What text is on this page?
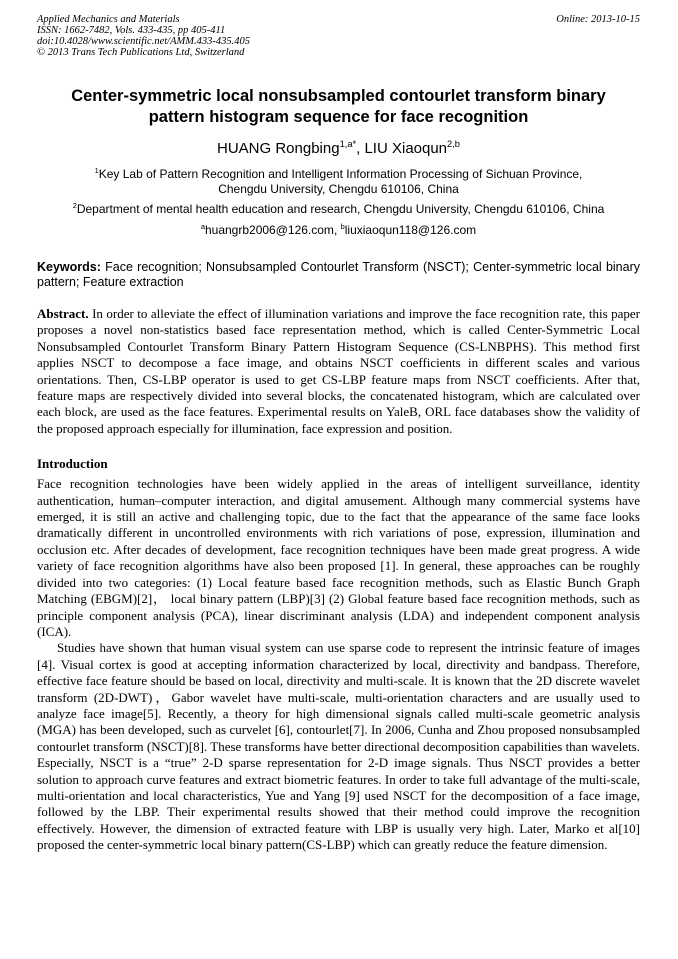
Applied Mechanics and Materials
ISSN: 1662-7482, Vols. 433-435, pp 405-411
doi:10.4028/www.scientific.net/AMM.433-435.405
© 2013 Trans Tech Publications Ltd, Switzerland
Online: 2013-10-15
Center-symmetric local nonsubsampled contourlet transform binary pattern histogram sequence for face recognition
HUANG Rongbing$^{1,a*}$, LIU Xiaoqun$^{2,b}$
$^1$Key Lab of Pattern Recognition and Intelligent Information Processing of Sichuan Province,
Chengdu University, Chengdu 610106, China
$^2$Department of mental health education and research, Chengdu University, Chengdu 610106, China
$^a$huangrb2006@126.com, $^b$liuxiaoqun118@126.com
Keywords: Face recognition; Nonsubsampled Contourlet Transform (NSCT); Center-symmetric local binary pattern; Feature extraction
Abstract. In order to alleviate the effect of illumination variations and improve the face recognition rate, this paper proposes a novel non-statistics based face representation method, which is called Center-Symmetric Local Nonsubsampled Contourlet Transform Binary Pattern Histogram Sequence (CS-LNBPHS). This method first applies NSCT to decompose a face image, and obtains NSCT coefficients in different scales and various orientations. Then, CS-LBP operator is used to get CS-LBP feature maps from NSCT coefficients. After that, feature maps are respectively divided into several blocks, the concatenated histogram, which are calculated over each block, are used as the face features. Experimental results on YaleB, ORL face databases show the validity of the proposed approach especially for illumination, face expression and position.
Introduction
Face recognition technologies have been widely applied in the areas of intelligent surveillance, identity authentication, human–computer interaction, and digital amusement. Although many commercial systems have emerged, it is still an active and challenging topic, due to the fact that the appearance of the same face looks dramatically different in uncontrolled environments with rich variations of pose, expression, illumination and occlusion etc. After decades of development, face recognition techniques have been made great progress. A wide variety of face recognition algorithms have also been proposed [1]. In general, these approaches can be roughly divided into two categories: (1) Local feature based face recognition methods, such as Elastic Bunch Graph Matching (EBGM)[2]， local binary pattern (LBP)[3] (2) Global feature based face recognition methods, such as principle component analysis (PCA), linear discriminant analysis (LDA) and independent component analysis (ICA).
Studies have shown that human visual system can use sparse code to represent the intrinsic feature of images [4]. Visual cortex is good at accepting information characterized by local, directivity and bandpass. Therefore, effective face feature should be based on local, directivity and multi-scale. It is known that the 2D discrete wavelet transform (2D-DWT)，Gabor wavelet have multi-scale, multi-orientation characters and are usually used to analyze face image[5]. Recently, a theory for high dimensional signals called multi-scale geometric analysis (MGA) has been developed, such as curvelet [6], contourlet[7]. In 2006, Cunha and Zhou proposed nonsubsampled contourlet transform (NSCT)[8]. These transforms have better directional decomposition capabilities than wavelets. Especially, NSCT is a “true” 2-D sparse representation for 2-D image signals. Thus NSCT provides a better solution to approach curve features and extract biometric features. In order to take full advantage of the multi-scale, multi-orientation and local characteristics, Yue and Yang [9] used NSCT for the decomposition of a face image, followed by the LBP. Their experimental results showed that their method could improve the recognition effectively. However, the dimension of extracted feature with LBP is usually very high. Later, Marko et al[10] proposed the center-symmetric local binary pattern(CS-LBP) which can greatly reduce the feature dimension.
